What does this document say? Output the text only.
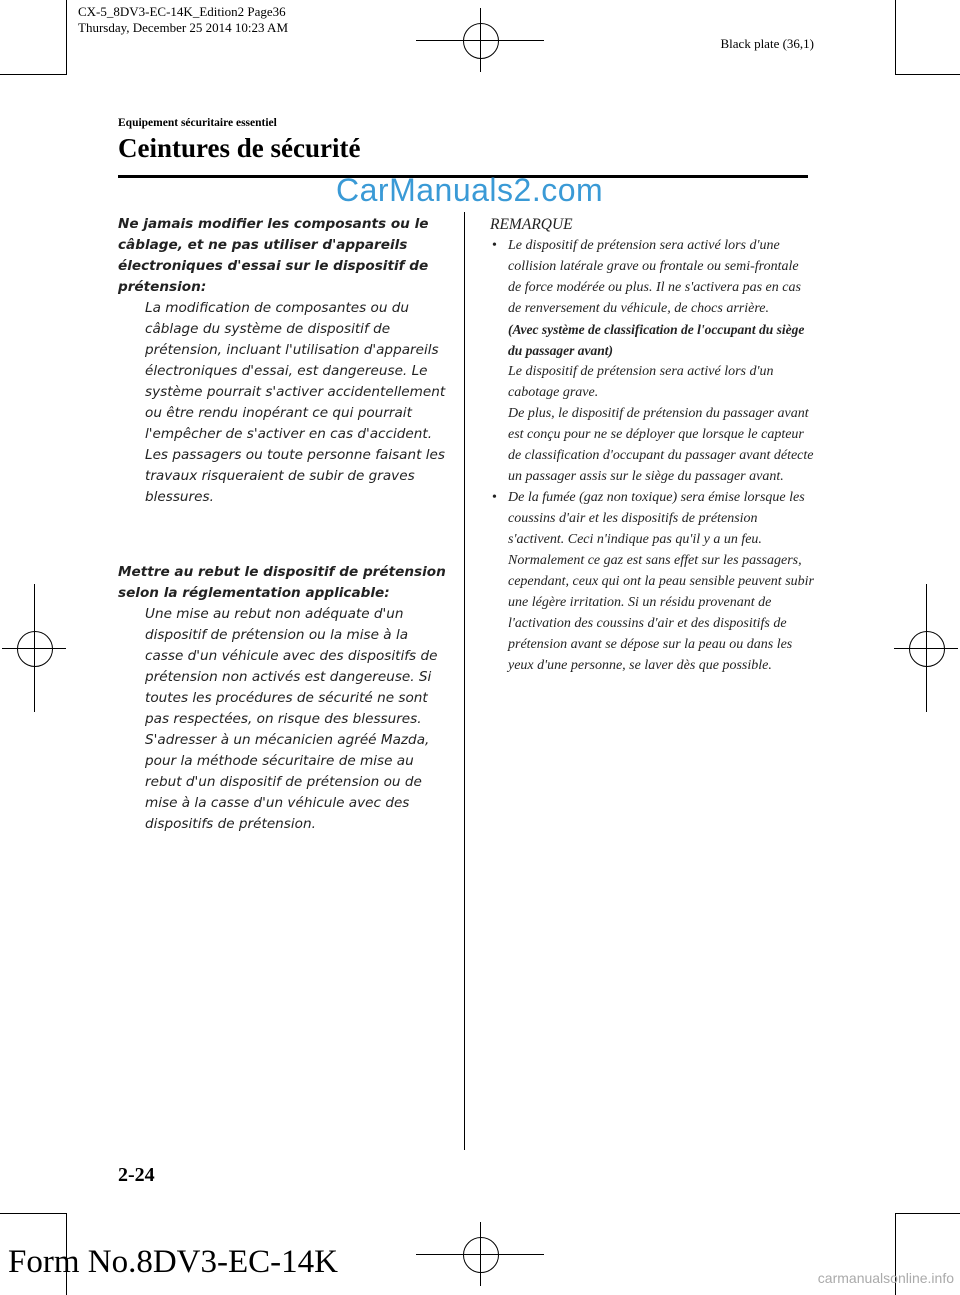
CX-5_8DV3-EC-14K_Edition2 Page36
Thursday, December 25 2014 10:23 AM
Black plate (36,1)
Equipement sécuritaire essentiel
Ceintures de sécurité
CarManuals2.com
Ne jamais modifier les composants ou le câblage, et ne pas utiliser d'appareils électroniques d'essai sur le dispositif de prétension:
La modification de composantes ou du câblage du système de dispositif de prétension, incluant l'utilisation d'appareils électroniques d'essai, est dangereuse. Le système pourrait s'activer accidentellement ou être rendu inopérant ce qui pourrait l'empêcher de s'activer en cas d'accident. Les passagers ou toute personne faisant les travaux risqueraient de subir de graves blessures.
Mettre au rebut le dispositif de prétension selon la réglementation applicable:
Une mise au rebut non adéquate d'un dispositif de prétension ou la mise à la casse d'un véhicule avec des dispositifs de prétension non activés est dangereuse. Si toutes les procédures de sécurité ne sont pas respectées, on risque des blessures. S'adresser à un mécanicien agréé Mazda, pour la méthode sécuritaire de mise au rebut d'un dispositif de prétension ou de mise à la casse d'un véhicule avec des dispositifs de prétension.
REMARQUE
• Le dispositif de prétension sera activé lors d'une collision latérale grave ou frontale ou semi-frontale de force modérée ou plus. Il ne s'activera pas en cas de renversement du véhicule, de chocs arrière.
(Avec système de classification de l'occupant du siège du passager avant)
Le dispositif de prétension sera activé lors d'un cabotage grave.
De plus, le dispositif de prétension du passager avant est conçu pour ne se déployer que lorsque le capteur de classification d'occupant du passager avant détecte un passager assis sur le siège du passager avant.
• De la fumée (gaz non toxique) sera émise lorsque les coussins d'air et les dispositifs de prétension s'activent. Ceci n'indique pas qu'il y a un feu. Normalement ce gaz est sans effet sur les passagers, cependant, ceux qui ont la peau sensible peuvent subir une légère irritation. Si un résidu provenant de l'activation des coussins d'air et des dispositifs de prétension avant se dépose sur la peau ou dans les yeux d'une personne, se laver dès que possible.
2-24
Form No.8DV3-EC-14K	carmanualsonline.info
